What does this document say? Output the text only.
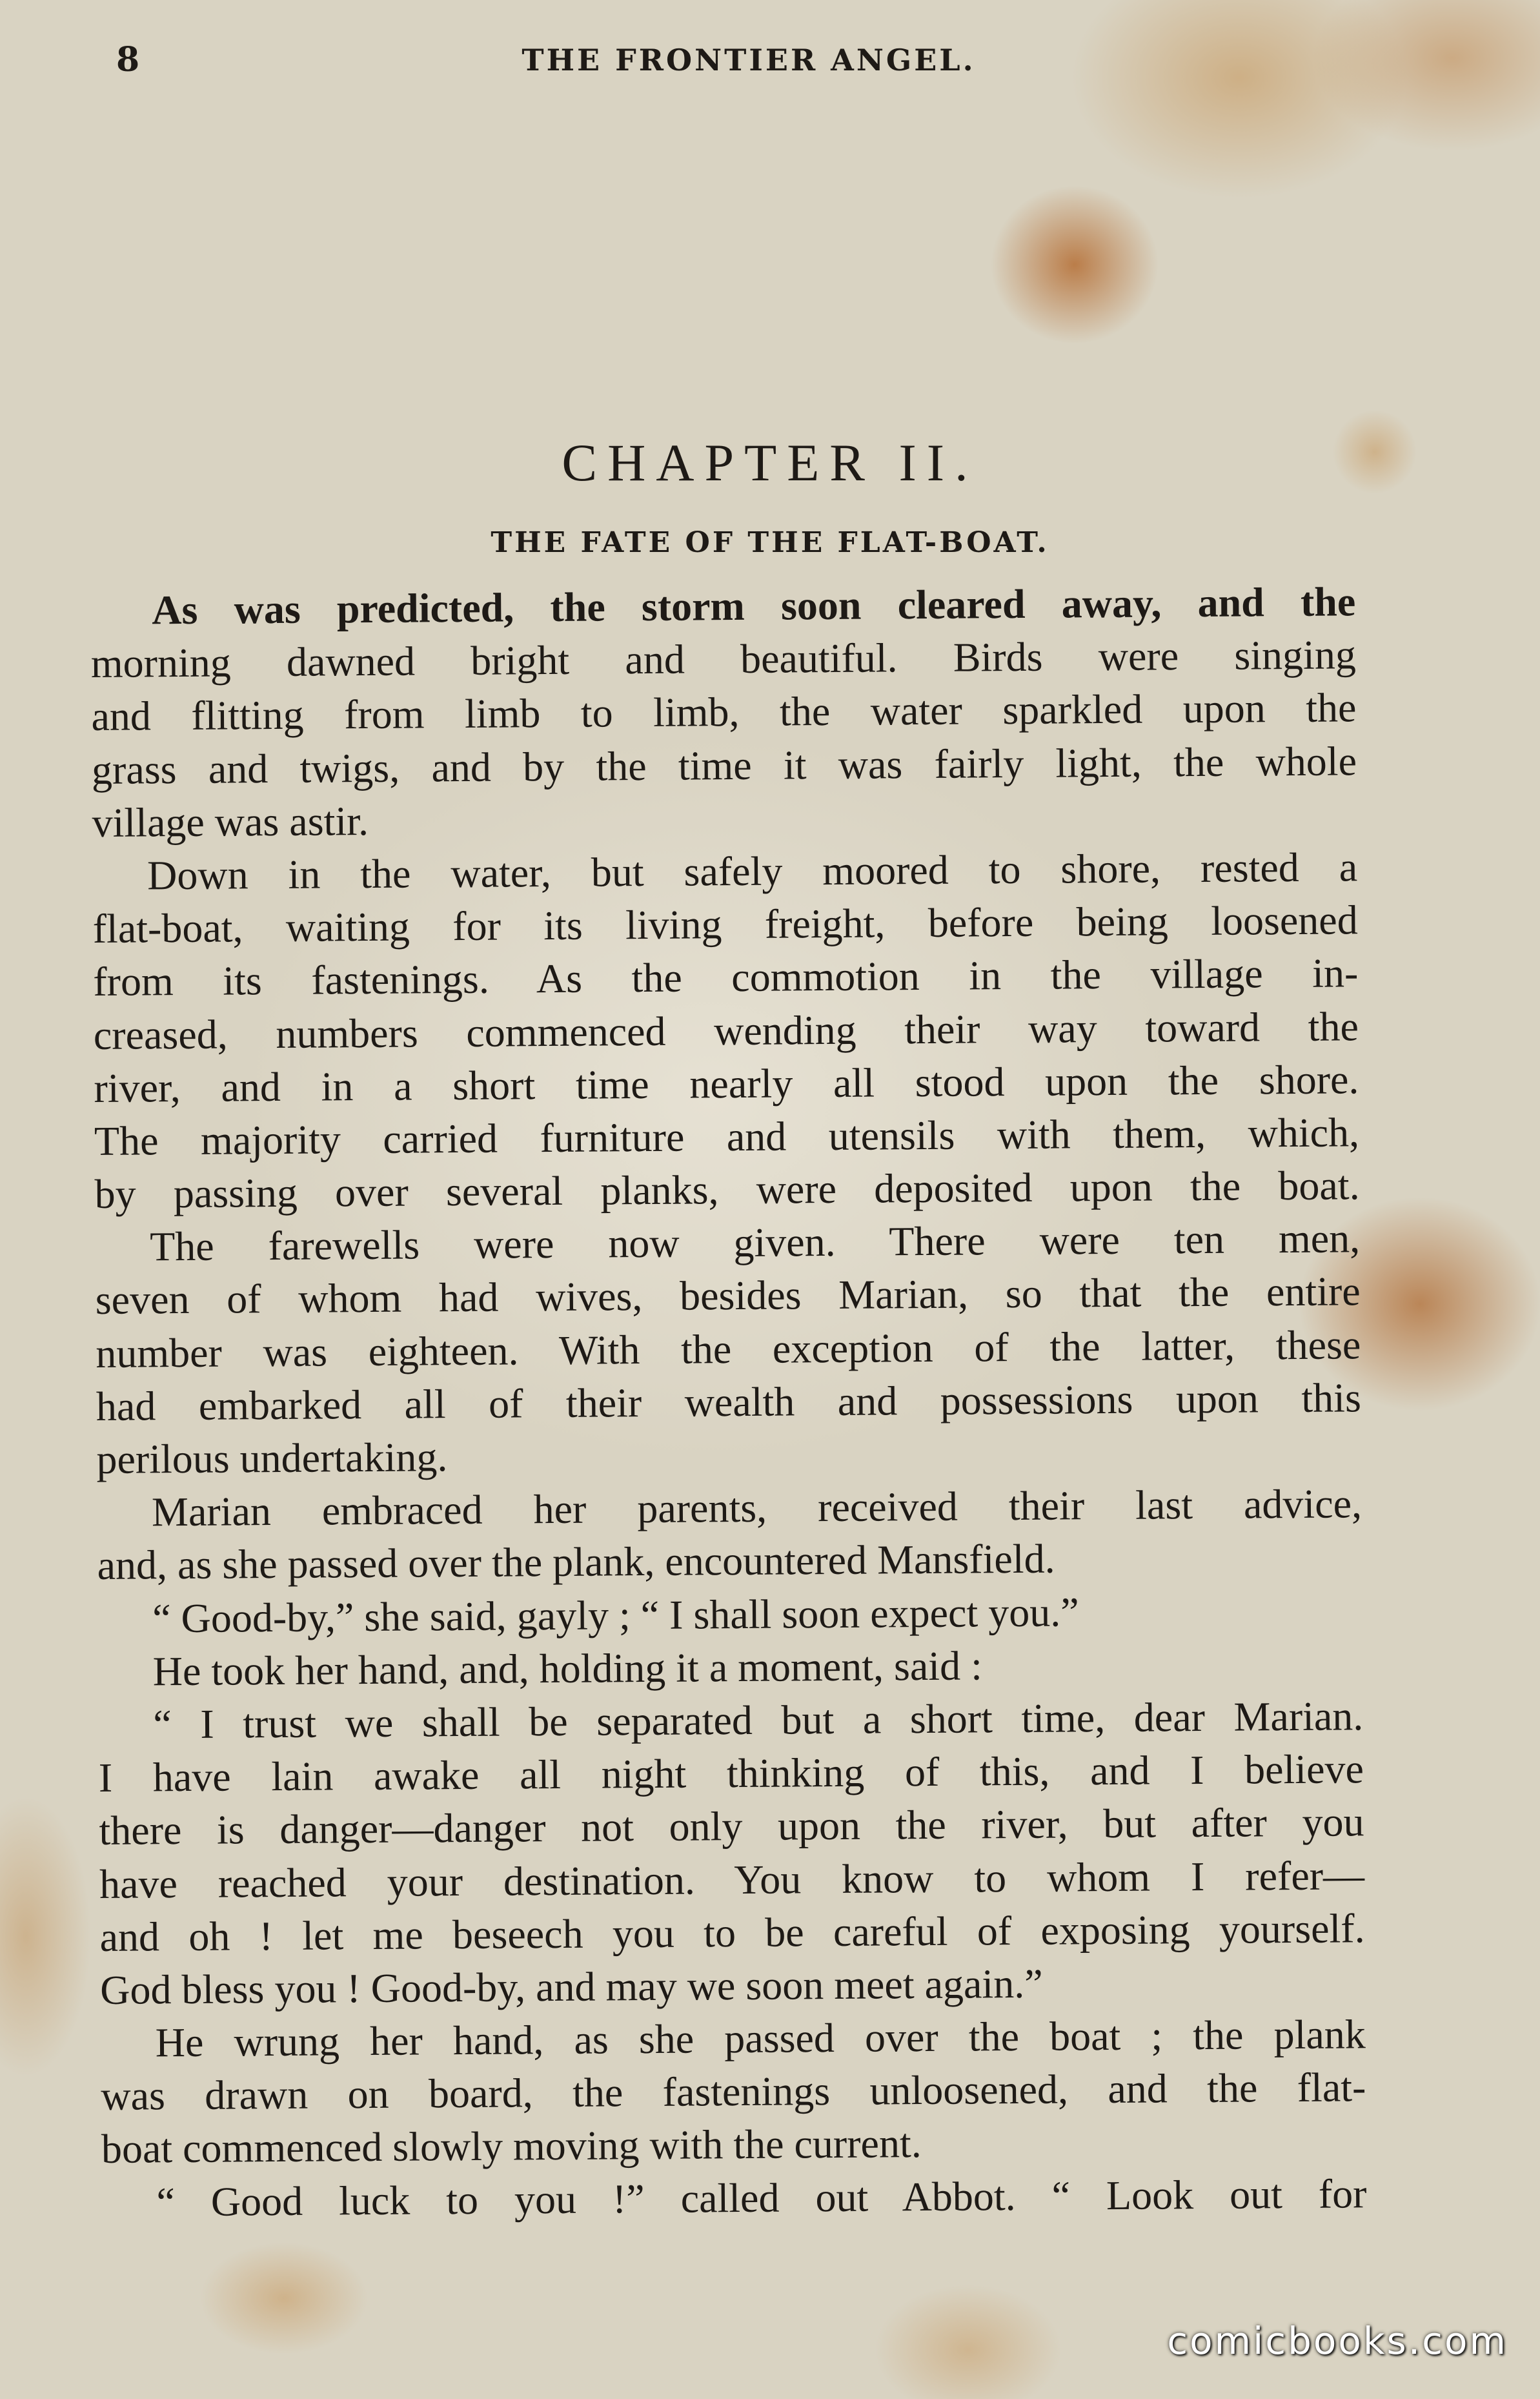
8	THE FRONTIER ANGEL.
CHAPTER II.
THE FATE OF THE FLAT-BOAT.
As was predicted, the storm soon cleared away, and the
morning dawned bright and beautiful. Birds were singing
and flitting from limb to limb, the water sparkled upon the
grass and twigs, and by the time it was fairly light, the whole
village was astir.
Down in the water, but safely moored to shore, rested a
flat-boat, waiting for its living freight, before being loosened
from its fastenings. As the commotion in the village in-
creased, numbers commenced wending their way toward the
river, and in a short time nearly all stood upon the shore.
The majority carried furniture and utensils with them, which,
by passing over several planks, were deposited upon the boat.
The farewells were now given. There were ten men,
seven of whom had wives, besides Marian, so that the entire
number was eighteen. With the exception of the latter, these
had embarked all of their wealth and possessions upon this
perilous undertaking.
Marian embraced her parents, received their last advice,
and, as she passed over the plank, encountered Mansfield.
“ Good-by,” she said, gayly ; “ I shall soon expect you.”
He took her hand, and, holding it a moment, said :
“ I trust we shall be separated but a short time, dear Marian.
I have lain awake all night thinking of this, and I believe
there is danger—danger not only upon the river, but after you
have reached your destination. You know to whom I refer—
and oh ! let me beseech you to be careful of exposing yourself.
God bless you ! Good-by, and may we soon meet again.”
He wrung her hand, as she passed over the boat ; the plank
was drawn on board, the fastenings unloosened, and the flat-
boat commenced slowly moving with the current.
“ Good luck to you !” called out Abbot. “ Look out for
comicbooks.com
